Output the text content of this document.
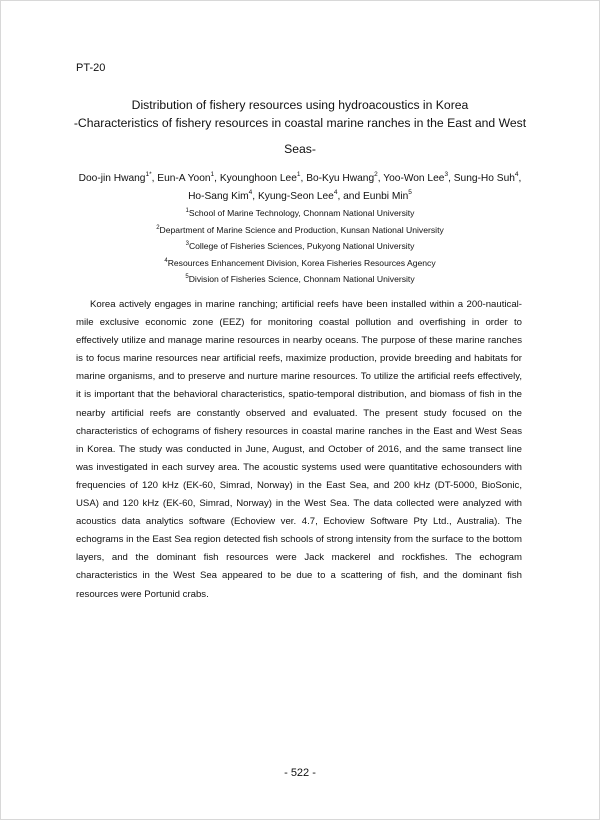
PT-20
Distribution of fishery resources using hydroacoustics in Korea
-Characteristics of fishery resources in coastal marine ranches in the East and West
Seas-
Doo-jin Hwang$^{1*}$, Eun-A Yoon$^1$, Kyounghoon Lee$^1$, Bo-Kyu Hwang$^2$, Yoo-Won Lee$^3$, Sung-Ho Suh$^4$,
Ho-Sang Kim$^4$, Kyung-Seon Lee$^4$, and Eunbi Min$^5$
$^1$School of Marine Technology, Chonnam National University
$^2$Department of Marine Science and Production, Kunsan National University
$^3$College of Fisheries Sciences, Pukyong National University
$^4$Resources Enhancement Division, Korea Fisheries Resources Agency
$^5$Division of Fisheries Science, Chonnam National University
Korea actively engages in marine ranching; artificial reefs have been installed within a 200-nautical-mile exclusive economic zone (EEZ) for monitoring coastal pollution and overfishing in order to effectively utilize and manage marine resources in nearby oceans. The purpose of these marine ranches is to focus marine resources near artificial reefs, maximize production, provide breeding and habitats for marine organisms, and to preserve and nurture marine resources. To utilize the artificial reefs effectively, it is important that the behavioral characteristics, spatio-temporal distribution, and biomass of fish in the nearby artificial reefs are constantly observed and evaluated. The present study focused on the characteristics of echograms of fishery resources in coastal marine ranches in the East and West Seas in Korea. The study was conducted in June, August, and October of 2016, and the same transect line was investigated in each survey area. The acoustic systems used were quantitative echosounders with frequencies of 120 kHz (EK-60, Simrad, Norway) in the East Sea, and 200 kHz (DT-5000, BioSonic, USA) and 120 kHz (EK-60, Simrad, Norway) in the West Sea. The data collected were analyzed with acoustics data analytics software (Echoview ver. 4.7, Echoview Software Pty Ltd., Australia). The echograms in the East Sea region detected fish schools of strong intensity from the surface to the bottom layers, and the dominant fish resources were Jack mackerel and rockfishes. The echogram characteristics in the West Sea appeared to be due to a scattering of fish, and the dominant fish resources were Portunid crabs.
- 522 -
